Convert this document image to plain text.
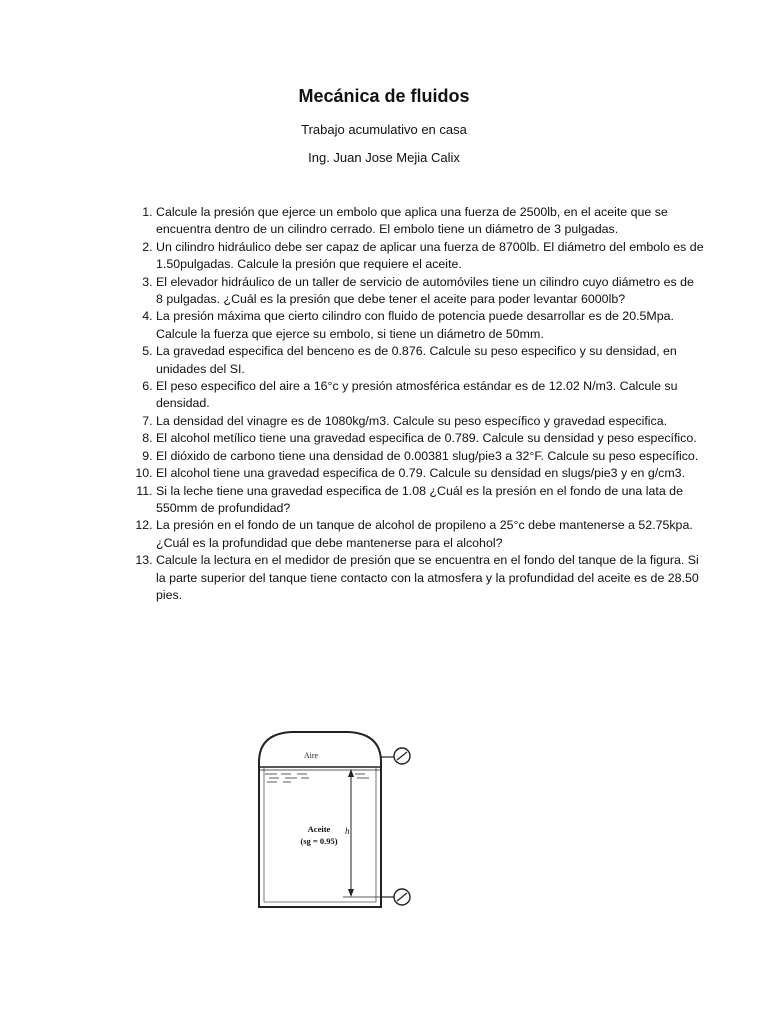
Mecánica de fluidos
Trabajo acumulativo en casa
Ing. Juan Jose Mejia Calix
1. Calcule la presión que ejerce un embolo que aplica una fuerza de 2500lb, en el aceite que se encuentra dentro de un cilindro cerrado. El embolo tiene un diámetro de 3 pulgadas.
2. Un cilindro hidráulico debe ser capaz de aplicar una fuerza de 8700lb. El diámetro del embolo es de 1.50pulgadas. Calcule la presión que requiere el aceite.
3. El elevador hidráulico de un taller de servicio de automóviles tiene un cilindro cuyo diámetro es de 8 pulgadas. ¿Cuál es la presión que debe tener el aceite para poder levantar 6000lb?
4. La presión máxima que cierto cilindro con fluido de potencia puede desarrollar es de 20.5Mpa. Calcule la fuerza que ejerce su embolo, si tiene un diámetro de 50mm.
5. La gravedad especifica del benceno es de 0.876. Calcule su peso especifico y su densidad, en unidades del SI.
6. El peso especifico del aire a 16°c y presión atmosférica estándar es de 12.02 N/m3. Calcule su densidad.
7. La densidad del vinagre es de 1080kg/m3. Calcule su peso específico y gravedad especifica.
8. El alcohol metílico tiene una gravedad especifica de 0.789. Calcule su densidad y peso específico.
9. El dióxido de carbono tiene una densidad de 0.00381 slug/pie3 a 32°F. Calcule su peso específico.
10. El alcohol tiene una gravedad especifica de 0.79. Calcule su densidad en slugs/pie3 y en g/cm3.
11. Si la leche tiene una gravedad especifica de 1.08 ¿Cuál es la presión en el fondo de una lata de 550mm de profundidad?
12. La presión en el fondo de un tanque de alcohol de propileno a 25°c debe mantenerse a 52.75kpa. ¿Cuál es la profundidad que debe mantenerse para el alcohol?
13. Calcule la lectura en el medidor de presión que se encuentra en el fondo del tanque de la figura. Si la parte superior del tanque tiene contacto con la atmosfera y la profundidad del aceite es de 28.50 pies.
Aire
Aceite
(sg = 0.95)
h
